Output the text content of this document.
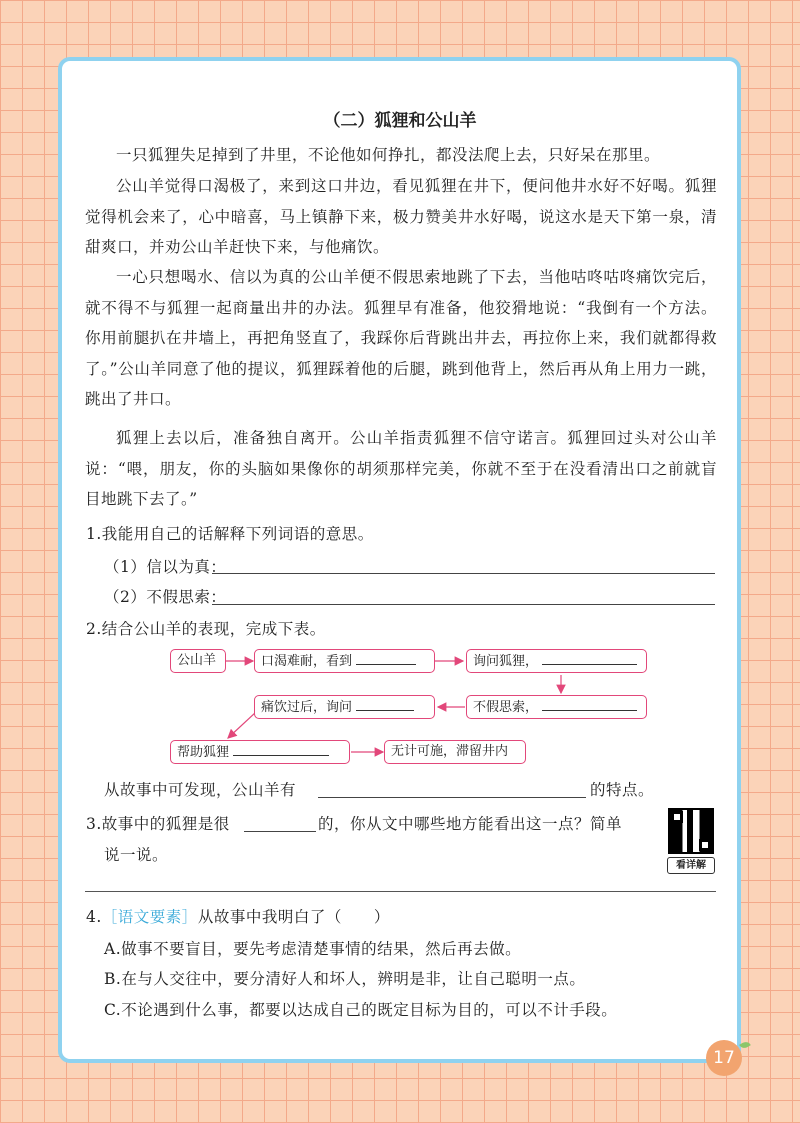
（二）狐狸和公山羊

一只狐狸失足掉到了井里，不论他如何挣扎，都没法爬上去，只好呆在那里。

公山羊觉得口渴极了，来到这口井边，看见狐狸在井下，便问他井水好不好喝。狐狸觉得机会来了，心中暗喜，马上镇静下来，极力赞美井水好喝，说这水是天下第一泉，清甜爽口，并劝公山羊赶快下来，与他痛饮。

一心只想喝水、信以为真的公山羊便不假思索地跳了下去，当他咕咚咕咚痛饮完后，就不得不与狐狸一起商量出井的办法。狐狸早有准备，他狡猾地说：“我倒有一个方法。你用前腿扒在井墙上，再把角竖直了，我踩你后背跳出井去，再拉你上来，我们就都得救了。”公山羊同意了他的提议，狐狸踩着他的后腿，跳到他背上，然后再从角上用力一跳，跳出了井口。

狐狸上去以后，准备独自离开。公山羊指责狐狸不信守诺言。狐狸回过头对公山羊说：“喂，朋友，你的头脑如果像你的胡须那样完美，你就不至于在没看清出口之前就盲目地跳下去了。”

1.我能用自己的话解释下列词语的意思。
（1）信以为真：
（2）不假思索：
2.结合公山羊的表现，完成下表。
公山羊	口渴难耐，看到	询问狐狸，
不假思索，
痛饮过后，询问
帮助狐狸	无计可施，滞留井内
从故事中可发现，公山羊有	的特点。
3.故事中的狐狸是很	的，你从文中哪些地方能看出这一点？简单
说一说。
看详解
4.［语文要素］从故事中我明白了（　　）
A.做事不要盲目，要先考虑清楚事情的结果，然后再去做。
B.在与人交往中，要分清好人和坏人，辨明是非，让自己聪明一点。
C.不论遇到什么事，都要以达成自己的既定目标为目的，可以不计手段。
17
